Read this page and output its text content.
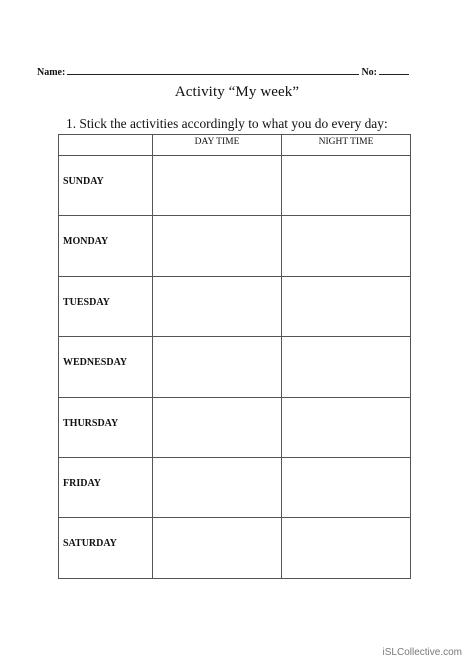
Name:	No:
Activity “My week”
1. Stick the activities accordingly to what you do every day:
	DAY TIME	NIGHT TIME
SUNDAY		
MONDAY		
TUESDAY		
WEDNESDAY		
THURSDAY		
FRIDAY		
SATURDAY		
iSLCollective.com
